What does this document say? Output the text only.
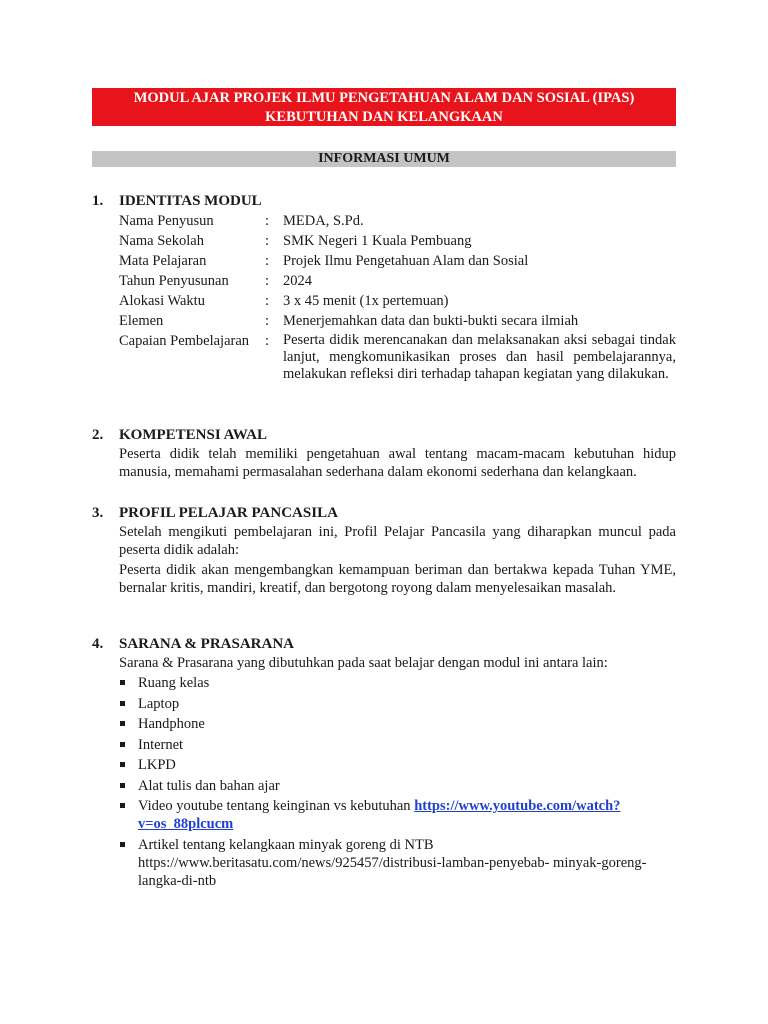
MODUL AJAR PROJEK ILMU PENGETAHUAN ALAM DAN SOSIAL (IPAS)
KEBUTUHAN DAN KELANGKAAN
INFORMASI UMUM
1. IDENTITAS MODUL
Nama Penyusun	:	MEDA, S.Pd.
Nama Sekolah	:	SMK Negeri 1 Kuala Pembuang
Mata Pelajaran	:	Projek Ilmu Pengetahuan Alam dan Sosial
Tahun Penyusunan	:	2024
Alokasi Waktu	:	3 x 45 menit (1x pertemuan)
Elemen	:	Menerjemahkan data dan bukti-bukti secara ilmiah
Capaian Pembelajaran	:	Peserta didik merencanakan dan melaksanakan aksi sebagai tindak lanjut, mengkomunikasikan proses dan hasil pembelajarannya, melakukan refleksi diri terhadap tahapan kegiatan yang dilakukan.
2. KOMPETENSI AWAL

Peserta didik telah memiliki pengetahuan awal tentang macam-macam kebutuhan hidup manusia, memahami permasalahan sederhana dalam ekonomi sederhana dan kelangkaan.

3. PROFIL PELAJAR PANCASILA

Setelah mengikuti pembelajaran ini, Profil Pelajar Pancasila yang diharapkan muncul pada peserta didik adalah:

Peserta didik akan mengembangkan kemampuan beriman dan bertakwa kepada Tuhan YME, bernalar kritis, mandiri, kreatif, dan bergotong royong dalam menyelesaikan masalah.

4. SARANA & PRASARANA

Sarana & Prasarana yang dibutuhkan pada saat belajar dengan modul ini antara lain:

Ruang kelas
Laptop
Handphone
Internet
LKPD
Alat tulis dan bahan ajar
Video youtube tentang keinginan vs kebutuhan https://www.youtube.com/watch?v=os_88plcucm
Artikel tentang kelangkaan minyak goreng di NTB
https://www.beritasatu.com/news/925457/distribusi-lamban-penyebab- minyak-goreng-langka-di-ntb
